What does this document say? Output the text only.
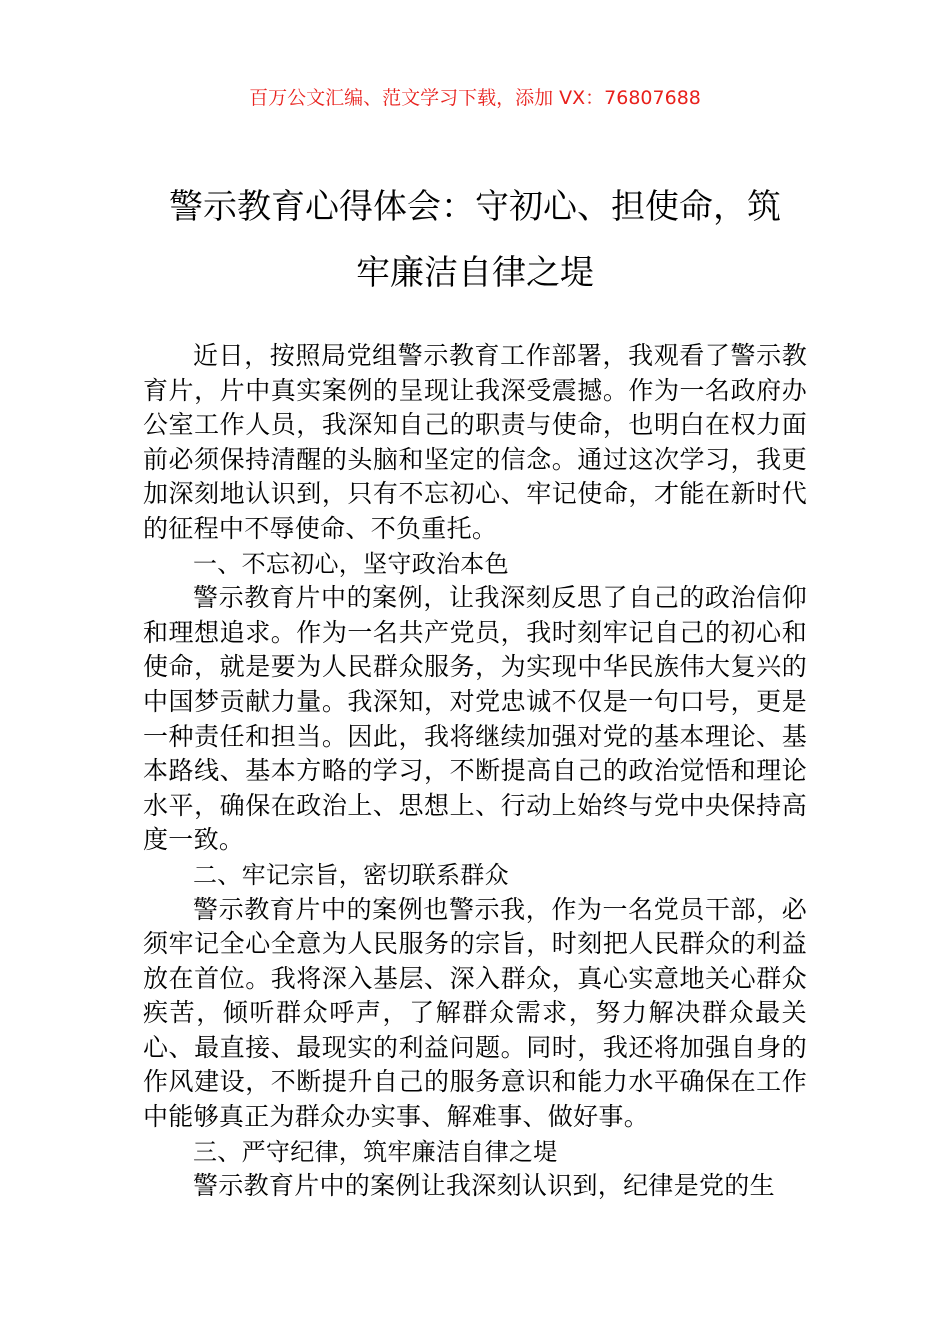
百万公文汇编、范文学习下载，添加 VX：76807688
警示教育心得体会：守初心、担使命，筑
牢廉洁自律之堤

近日，按照局党组警示教育工作部署，我观看了警示教育片，片中真实案例的呈现让我深受震撼。作为一名政府办公室工作人员，我深知自己的职责与使命，也明白在权力面前必须保持清醒的头脑和坚定的信念。通过这次学习，我更加深刻地认识到，只有不忘初心、牢记使命，才能在新时代的征程中不辱使命、不负重托。

一、不忘初心，坚守政治本色

警示教育片中的案例，让我深刻反思了自己的政治信仰和理想追求。作为一名共产党员，我时刻牢记自己的初心和使命，就是要为人民群众服务，为实现中华民族伟大复兴的中国梦贡献力量。我深知，对党忠诚不仅是一句口号，更是一种责任和担当。因此，我将继续加强对党的基本理论、基本路线、基本方略的学习，不断提高自己的政治觉悟和理论水平，确保在政治上、思想上、行动上始终与党中央保持高度一致。

二、牢记宗旨，密切联系群众

警示教育片中的案例也警示我，作为一名党员干部，必须牢记全心全意为人民服务的宗旨，时刻把人民群众的利益放在首位。我将深入基层、深入群众，真心实意地关心群众疾苦，倾听群众呼声，了解群众需求，努力解决群众最关心、最直接、最现实的利益问题。同时，我还将加强自身的作风建设，不断提升自己的服务意识和能力水平确保在工作中能够真正为群众办实事、解难事、做好事。

三、严守纪律，筑牢廉洁自律之堤

警示教育片中的案例让我深刻认识到，纪律是党的生
